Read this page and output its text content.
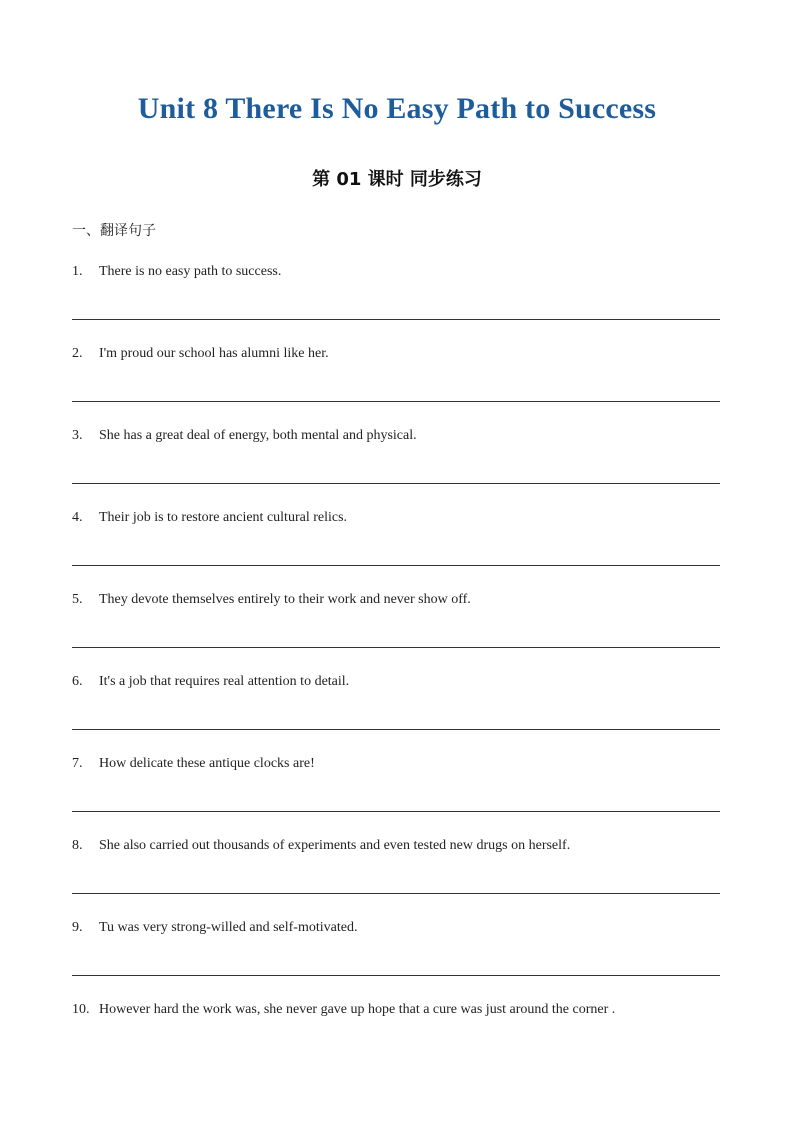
Unit 8 There Is No Easy Path to Success
第 01 课时 同步练习
一、翻译句子
1. There is no easy path to success.
2. I'm proud our school has alumni like her.
3. She has a great deal of energy, both mental and physical.
4. Their job is to restore ancient cultural relics.
5. They devote themselves entirely to their work and never show off.
6. It's a job that requires real attention to detail.
7. How delicate these antique clocks are!
8. She also carried out thousands of experiments and even tested new drugs on herself.
9. Tu was very strong-willed and self-motivated.
10. However hard the work was, she never gave up hope that a cure was just around the corner .
